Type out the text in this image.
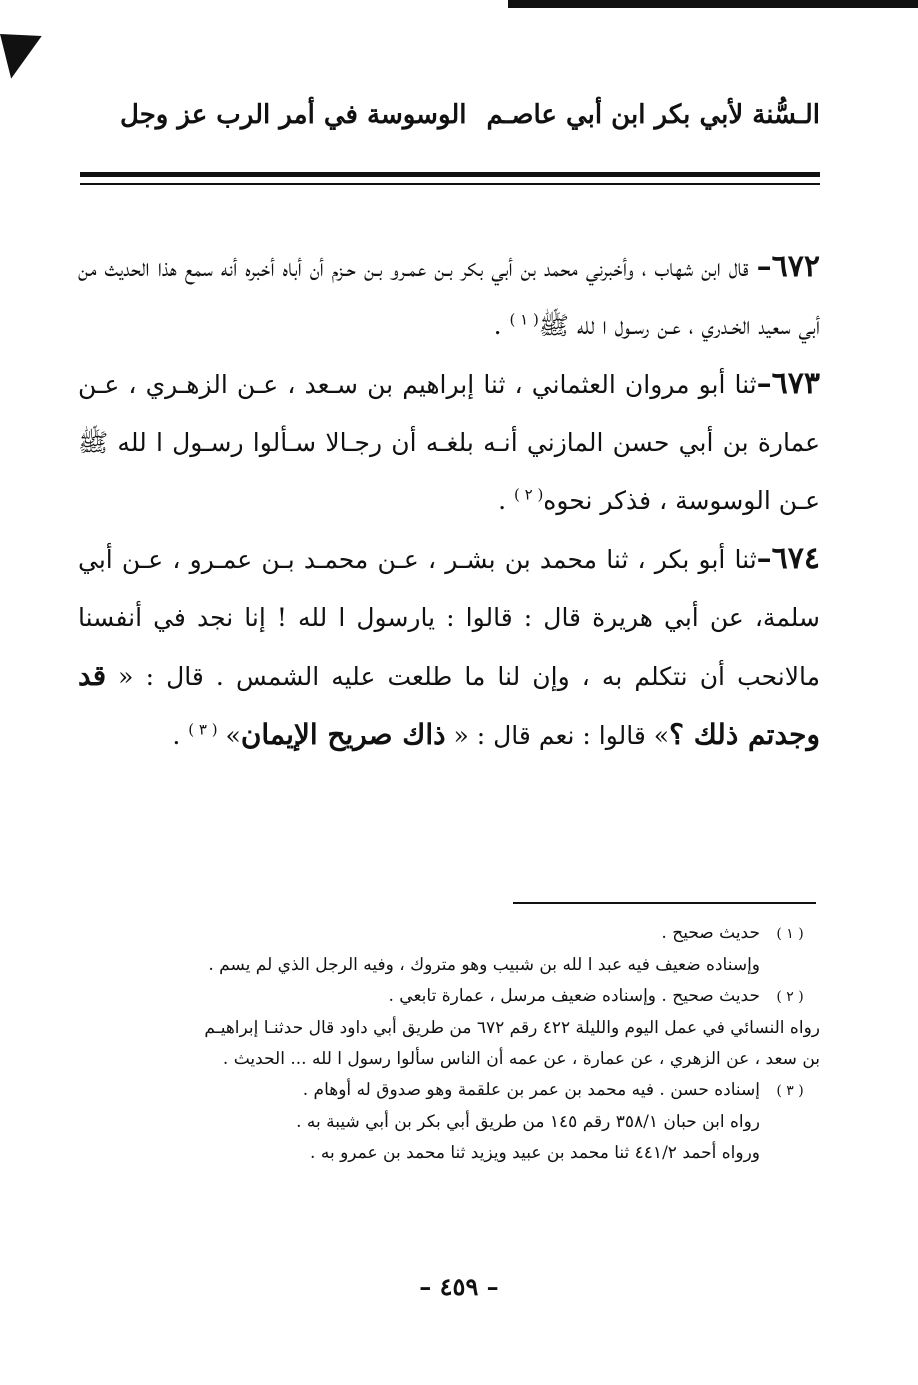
الـسُّنة لأبي بكر ابن أبي عاصـم
الوسوسة في أمر الرب عز وجل

٦٧٢– قال ابن شهاب ، وأخبرني محمد بن أبي بكر بـن عمـرو بـن حـزم أن أباه أخبره أنه سمع هذا الحديث من أبي سعيد الخـدري ، عـن رسـول ا لله ﷺ$^{( ١ )}$ .

٦٧٣–ثنا أبو مروان العثماني ، ثنا إبراهيم بن سـعد ، عـن الزهـري ، عـن عمارة بن أبي حسن المازني أنـه بلغـه أن رجـالا سـألوا رسـول ا لله ﷺ عـن الوسوسة ، فذكر نحوه$^{( ٢ )}$ .

٦٧٤–ثنا أبو بكر ، ثنا محمد بن بشـر ، عـن محمـد بـن عمـرو ، عـن أبي سلمة، عن أبي هريرة قال : قالوا : يارسول ا لله ! إنا نجد في أنفسنا مالانحب أن نتكلم به ، وإن لنا ما طلعت عليه الشمس . قال : « قد وجدتم ذلك ؟» قالوا : نعم قال : « ذاك صريح الإيمان» $^{( ٣ )}$ .

( ١ )حديث صحيح .
وإسناده ضعيف فيه عبد ا لله بن شبيب وهو متروك ، وفيه الرجل الذي لم يسم .
( ٢ )حديث صحيح . وإسناده ضعيف مرسل ، عمارة تابعي .
رواه النسائي في عمل اليوم والليلة ٤٢٢ رقم ٦٧٢ من طريق أبي داود قال حدثنـا إبراهيـم
بن سعد ، عن الزهري ، عن عمارة ، عن عمه أن الناس سألوا رسول ا لله ... الحديث .
( ٣ )إسناده حسن . فيه محمد بن عمر بن علقمة وهو صدوق له أوهام .
رواه ابن حبان ٣٥٨/١ رقم ١٤٥ من طريق أبي بكر بن أبي شيبة به .
ورواه أحمد ٤٤١/٢ ثنا محمد بن عبيد ويزيد ثنا محمد بن عمرو به .
– ٤٥٩ –
